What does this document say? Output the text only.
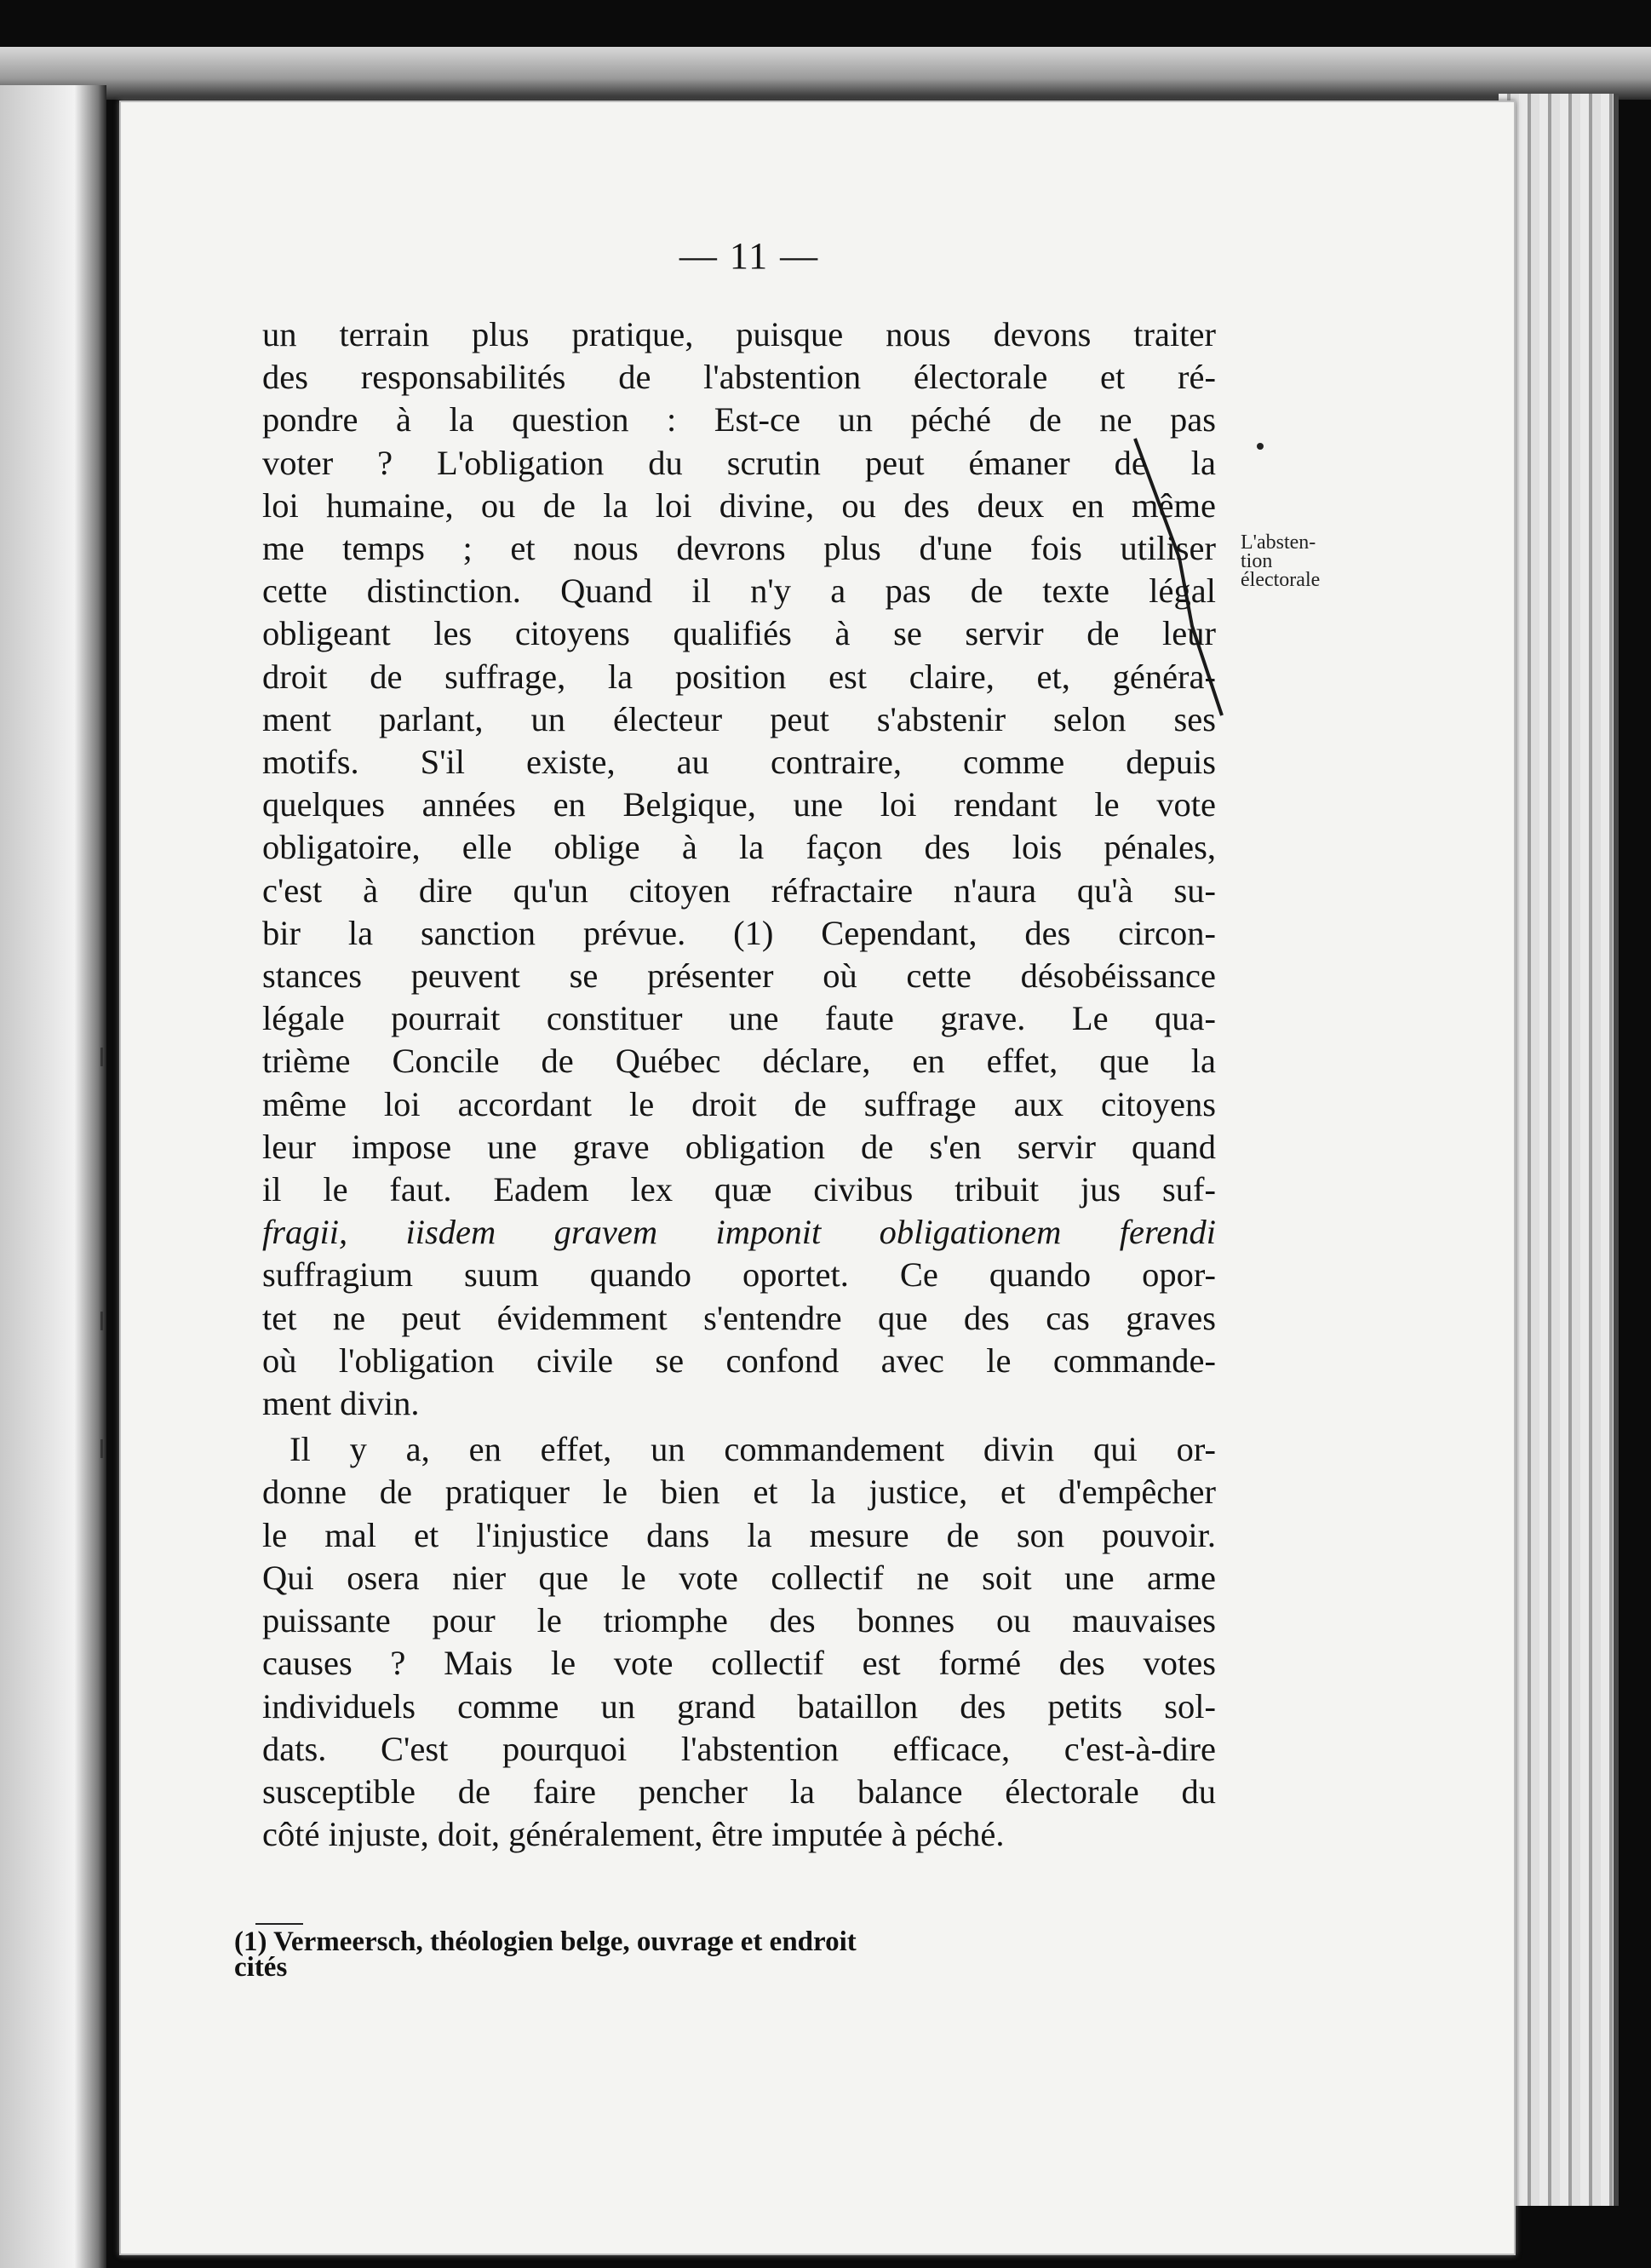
— 11 —
L'absten-
tion
électorale

un terrain plus pratique, puisque nous devons traiter

des responsabilités de l'abstention électorale et ré-

pondre à la question : Est-ce un péché de ne pas

voter ? L'obligation du scrutin peut émaner de la

loi humaine, ou de la loi divine, ou des deux en même

me temps ; et nous devrons plus d'une fois utiliser

cette distinction. Quand il n'y a pas de texte légal

obligeant les citoyens qualifiés à se servir de leur

droit de suffrage, la position est claire, et, généra-

ment parlant, un électeur peut s'abstenir selon ses

motifs. S'il existe, au contraire, comme depuis

quelques années en Belgique, une loi rendant le vote

obligatoire, elle oblige à la façon des lois pénales,

c'est à dire qu'un citoyen réfractaire n'aura qu'à su-

bir la sanction prévue. (1) Cependant, des circon-

stances peuvent se présenter où cette désobéissance

légale pourrait constituer une faute grave. Le qua-

trième Concile de Québec déclare, en effet, que la

même loi accordant le droit de suffrage aux citoyens

leur impose une grave obligation de s'en servir quand

il le faut. Eadem lex quæ civibus tribuit jus suf-

fragii, iisdem gravem imponit obligationem ferendi

suffragium suum quando oportet. Ce quando opor-

tet ne peut évidemment s'entendre que des cas graves

où l'obligation civile se confond avec le commande-

ment divin.

Il y a, en effet, un commandement divin qui or-

donne de pratiquer le bien et la justice, et d'empêcher

le mal et l'injustice dans la mesure de son pouvoir.

Qui osera nier que le vote collectif ne soit une arme

puissante pour le triomphe des bonnes ou mauvaises

causes ? Mais le vote collectif est formé des votes

individuels comme un grand bataillon des petits sol-

dats. C'est pourquoi l'abstention efficace, c'est-à-dire

susceptible de faire pencher la balance électorale du

côté injuste, doit, généralement, être imputée à péché.

(1) Vermeersch, théologien belge, ouvrage et endroit
cités
